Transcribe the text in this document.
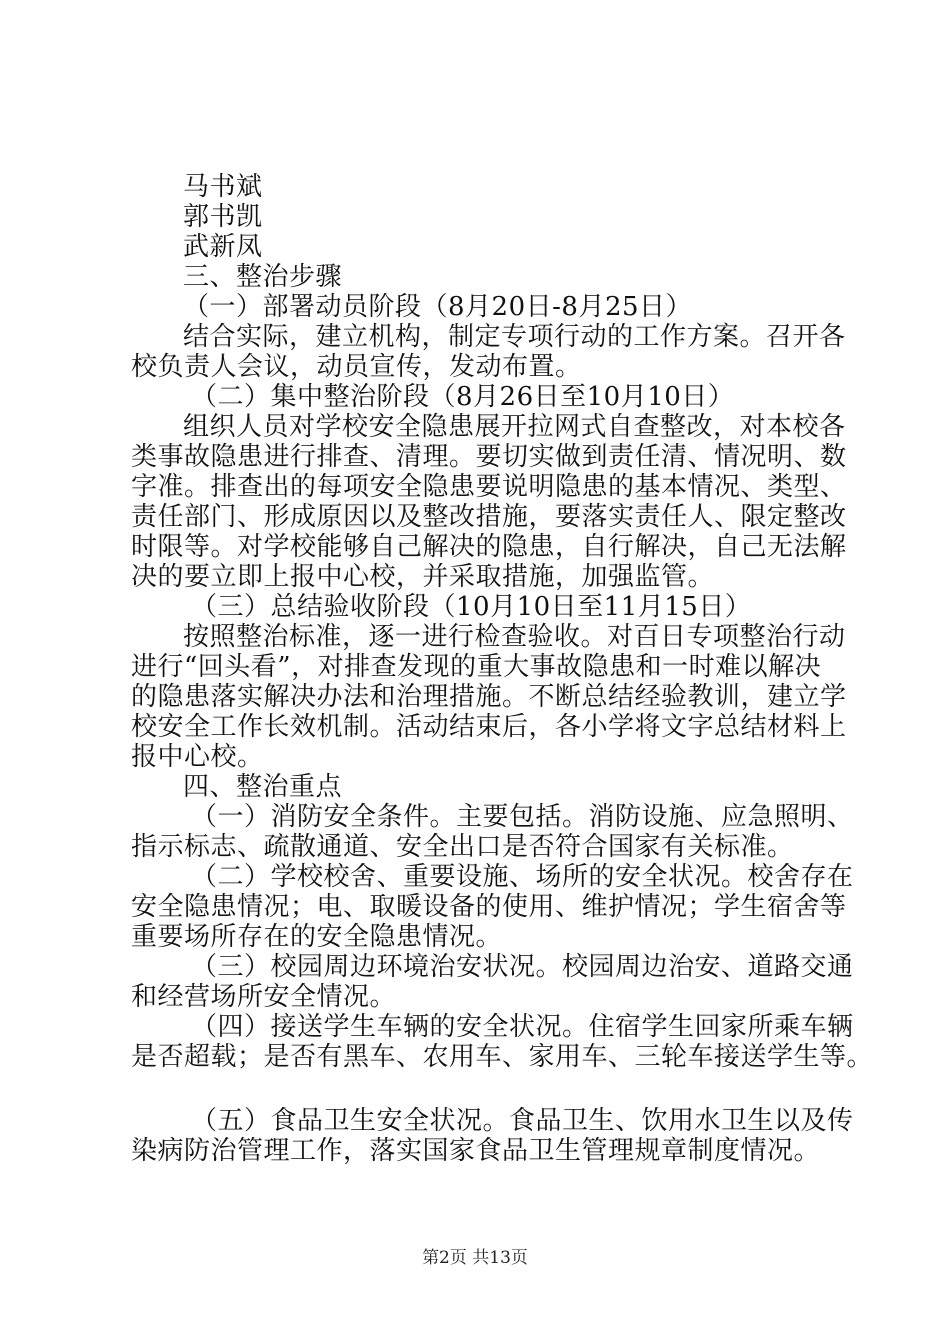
马书斌
郭书凯
武新凤
三、整治步骤
（一）部署动员阶段（8月20日-8月25日）
结合实际，建立机构，制定专项行动的工作方案。召开各
校负责人会议，动员宣传，发动布置。
（二）集中整治阶段（8月26日至10月10日）
组织人员对学校安全隐患展开拉网式自查整改，对本校各
类事故隐患进行排查、清理。要切实做到责任清、情况明、数
字准。排查出的每项安全隐患要说明隐患的基本情况、类型、
责任部门、形成原因以及整改措施，要落实责任人、限定整改
时限等。对学校能够自己解决的隐患，自行解决，自己无法解
决的要立即上报中心校，并采取措施，加强监管。
（三）总结验收阶段（10月10日至11月15日）
按照整治标准，逐一进行检查验收。对百日专项整治行动
进行“回头看”，对排查发现的重大事故隐患和一时难以解决
的隐患落实解决办法和治理措施。不断总结经验教训，建立学
校安全工作长效机制。活动结束后，各小学将文字总结材料上
报中心校。
四、整治重点
（一）消防安全条件。主要包括。消防设施、应急照明、
指示标志、疏散通道、安全出口是否符合国家有关标准。
（二）学校校舍、重要设施、场所的安全状况。校舍存在
安全隐患情况；电、取暖设备的使用、维护情况；学生宿舍等
重要场所存在的安全隐患情况。
（三）校园周边环境治安状况。校园周边治安、道路交通
和经营场所安全情况。
（四）接送学生车辆的安全状况。住宿学生回家所乘车辆
是否超载；是否有黑车、农用车、家用车、三轮车接送学生等。
（五）食品卫生安全状况。食品卫生、饮用水卫生以及传
染病防治管理工作，落实国家食品卫生管理规章制度情况。
第2页 共13页
